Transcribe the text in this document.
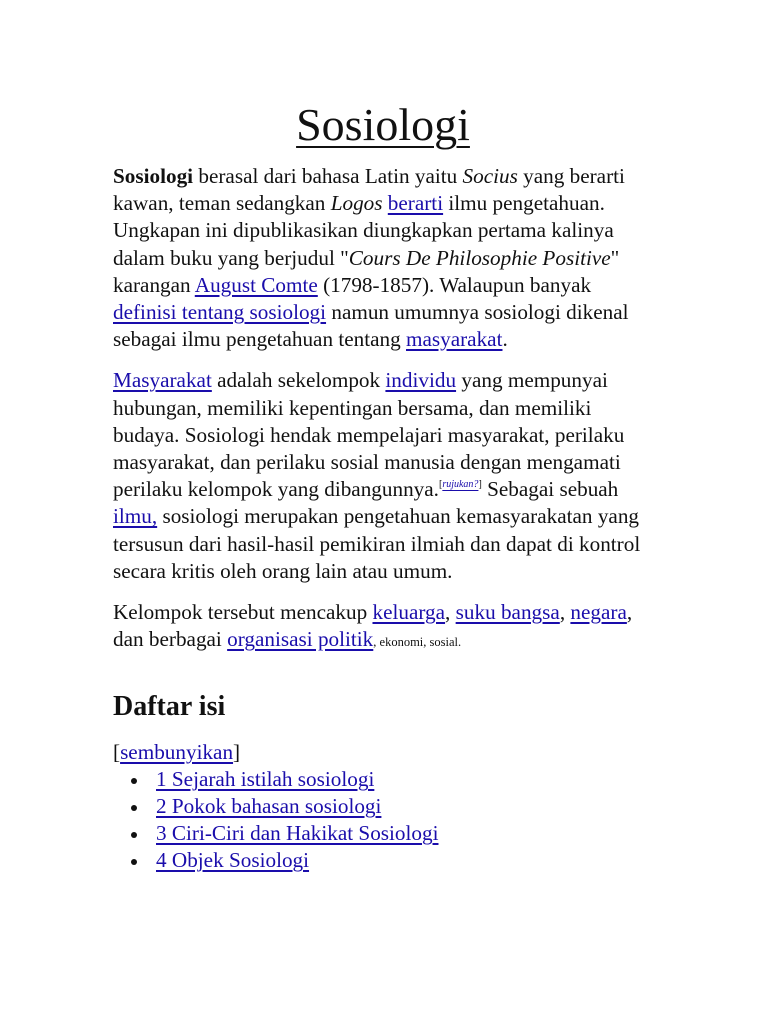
Sosiologi

Sosiologi berasal dari bahasa Latin yaitu Socius yang berarti kawan, teman sedangkan Logos berarti ilmu pengetahuan. Ungkapan ini dipublikasikan diungkapkan pertama kalinya dalam buku yang berjudul "Cours De Philosophie Positive" karangan August Comte (1798-1857). Walaupun banyak definisi tentang sosiologi namun umumnya sosiologi dikenal sebagai ilmu pengetahuan tentang masyarakat.

Masyarakat adalah sekelompok individu yang mempunyai hubungan, memiliki kepentingan bersama, dan memiliki budaya. Sosiologi hendak mempelajari masyarakat, perilaku masyarakat, dan perilaku sosial manusia dengan mengamati perilaku kelompok yang dibangunnya.[rujukan?] Sebagai sebuah ilmu, sosiologi merupakan pengetahuan kemasyarakatan yang tersusun dari hasil-hasil pemikiran ilmiah dan dapat di kontrol secara kritis oleh orang lain atau umum.

Kelompok tersebut mencakup keluarga, suku bangsa, negara, dan berbagai organisasi politik, ekonomi, sosial.

Daftar isi
[sembunyikan]
1 Sejarah istilah sosiologi
2 Pokok bahasan sosiologi
3 Ciri-Ciri dan Hakikat Sosiologi
4 Objek Sosiologi
